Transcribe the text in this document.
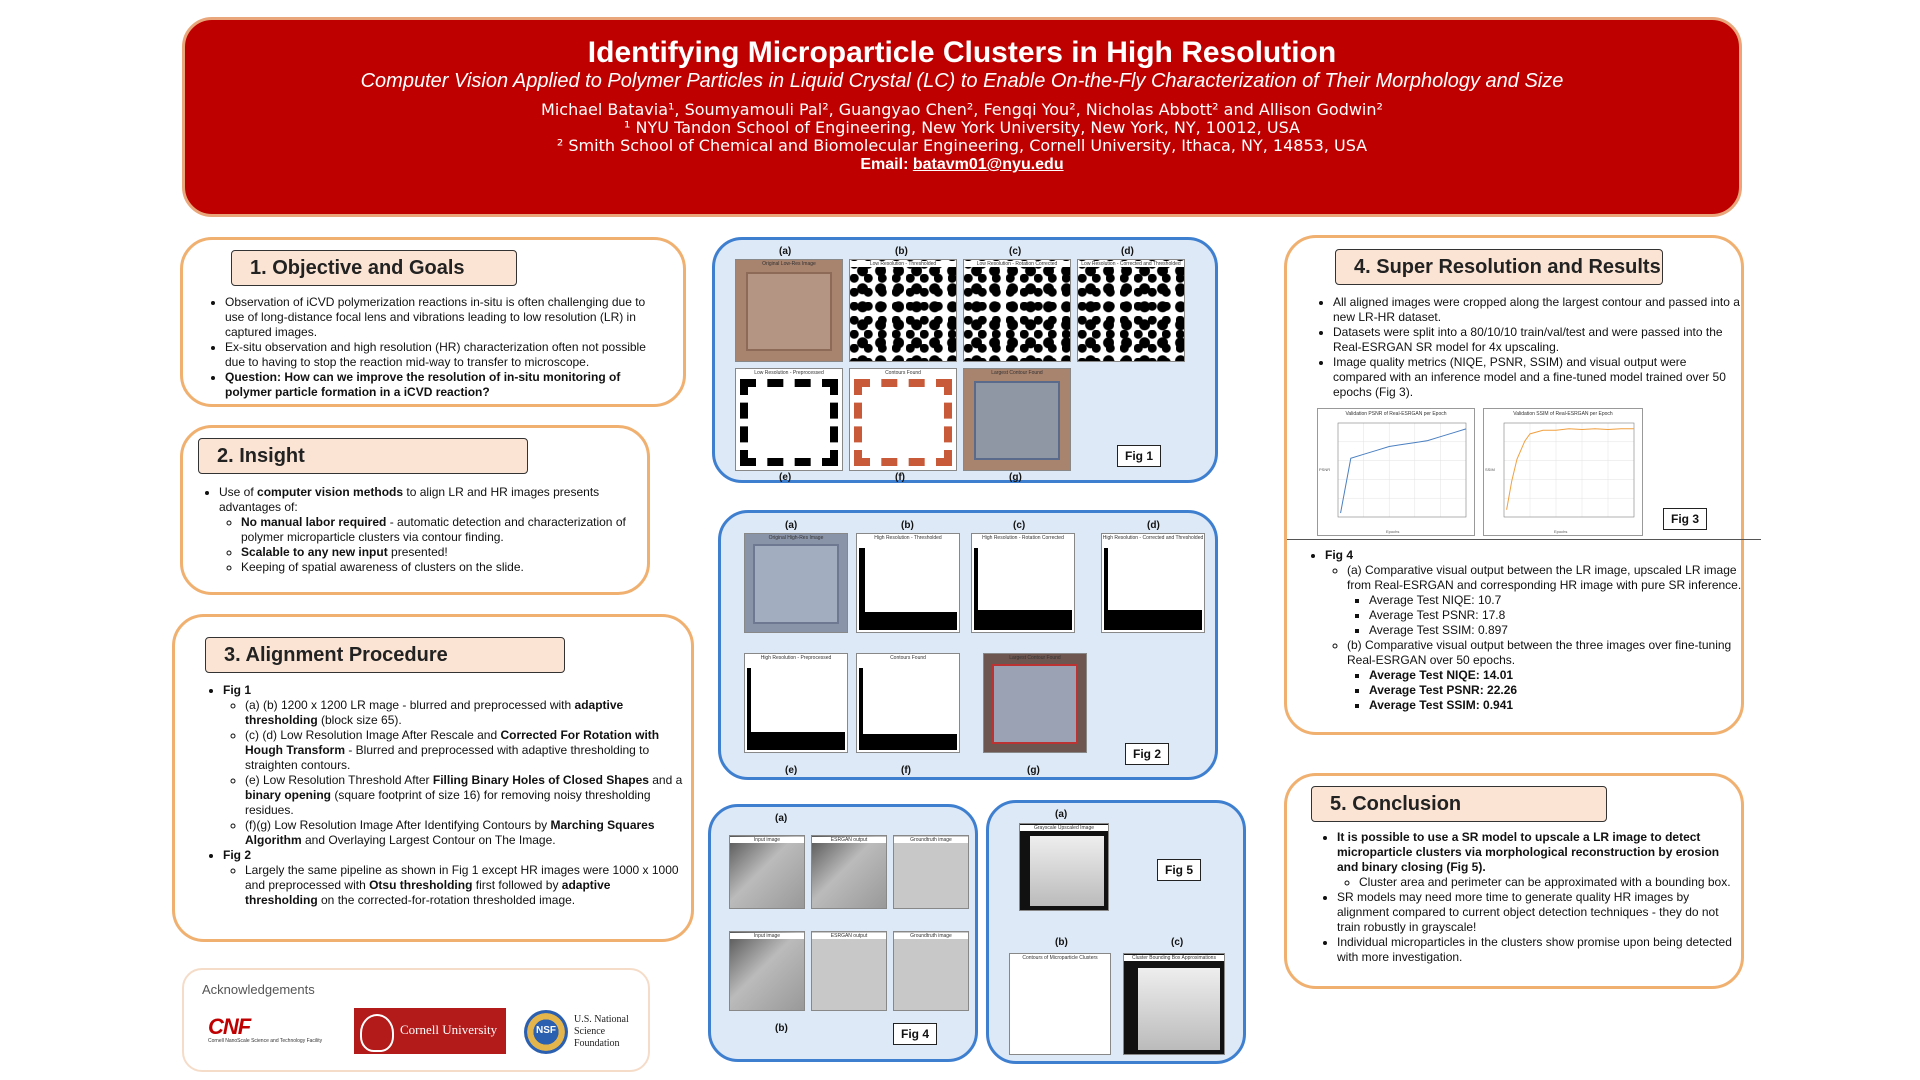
Identifying Microparticle Clusters in High Resolution
Computer Vision Applied to Polymer Particles in Liquid Crystal (LC) to Enable On-the-Fly Characterization of Their Morphology and Size
Michael Batavia¹, Soumyamouli Pal², Guangyao Chen², Fengqi You², Nicholas Abbott² and Allison Godwin²
¹ NYU Tandon School of Engineering, New York University, New York, NY, 10012, USA
² Smith School of Chemical and Biomolecular Engineering, Cornell University, Ithaca, NY, 14853, USA
Email: batavm01@nyu.edu
1. Objective and Goals
• Observation of iCVD polymerization reactions in-situ is often challenging due to use of long-distance focal lens and vibrations leading to low resolution (LR) in captured images.
• Ex-situ observation and high resolution (HR) characterization often not possible due to having to stop the reaction mid-way to transfer to microscope.
• Question: How can we improve the resolution of in-situ monitoring of polymer particle formation in a iCVD reaction?
2. Insight
• Use of computer vision methods to align LR and HR images presents advantages of:
◦ No manual labor required - automatic detection and characterization of polymer microparticle clusters via contour finding.
◦ Scalable to any new input presented!
◦ Keeping of spatial awareness of clusters on the slide.
3. Alignment Procedure
• Fig 1
◦ (a) (b) 1200 x 1200 LR mage - blurred and preprocessed with adaptive thresholding (block size 65).
◦ (c) (d) Low Resolution Image After Rescale and Corrected For Rotation with Hough Transform - Blurred and preprocessed with adaptive thresholding to straighten contours.
◦ (e) Low Resolution Threshold After Filling Binary Holes of Closed Shapes and a binary opening (square footprint of size 16) for removing noisy thresholding residues.
◦ (f)(g) Low Resolution Image After Identifying Contours by Marching Squares Algorithm and Overlaying Largest Contour on The Image.
• Fig 2
◦ Largely the same pipeline as shown in Fig 1 except HR images were 1000 x 1000 and preprocessed with Otsu thresholding first followed by adaptive thresholding on the corrected-for-rotation thresholded image.
Acknowledgements
CNF
Cornell NanoScale Science and Technology Facility
Cornell University	NSF
U.S. National
Science
Foundation
(a)	(b)	(c)	(d)
Original Low-Res Image	Low Resolution - Thresholded	Low Resolution - Rotation Corrected	Low Resolution - Corrected and Thresholded
Low Resolution - Preprocessed	Contours Found	Largest Contour Found
(e)	(f)	(g)
Fig 1
(a)	(b)	(c)	(d)
Original High-Res Image	High Resolution - Thresholded	High Resolution - Rotation Corrected	High Resolution - Corrected and Thresholded
High Resolution - Preprocessed	Contours Found	Largest Contour Found
(e)	(f)	(g)
Fig 2
(a)
Input image	ESRGAN output	Groundtruth image
Input image	ESRGAN output	Groundtruth image
(b)	Fig 4
(a)
Grayscale Upscaled Image
Fig 5
(b)	(c)
Contours of Microparticle Clusters	Cluster Bounding Box Approximations
4. Super Resolution and Results
• All aligned images were cropped along the largest contour and passed into a new LR-HR dataset.
• Datasets were split into a 80/10/10 train/val/test and were passed into the Real-ESRGAN SR model for 4x upscaling.
• Image quality metrics (NIQE, PSNR, SSIM) and visual output were compared with an inference model and a fine-tuned model trained over 50 epochs (Fig 3).
Validation PSNR of Real-ESRGAN per Epoch
Epochs
PSNR
Validation SSIM of Real-ESRGAN per Epoch
Epochs
SSIM
Fig 3
• Fig 4
◦ (a) Comparative visual output between the LR image, upscaled LR image from Real-ESRGAN and corresponding HR image with pure SR inference.
▪ Average Test NIQE: 10.7
▪ Average Test PSNR: 17.8
▪ Average Test SSIM: 0.897
◦ (b) Comparative visual output between the three images over fine-tuning Real-ESRGAN over 50 epochs.
▪ Average Test NIQE: 14.01
▪ Average Test PSNR: 22.26
▪ Average Test SSIM: 0.941
5. Conclusion
• It is possible to use a SR model to upscale a LR image to detect microparticle clusters via morphological reconstruction by erosion and binary closing (Fig 5).
◦ Cluster area and perimeter can be approximated with a bounding box.
• SR models may need more time to generate quality HR images by alignment compared to current object detection techniques - they do not train robustly in grayscale!
• Individual microparticles in the clusters show promise upon being detected with more investigation.
